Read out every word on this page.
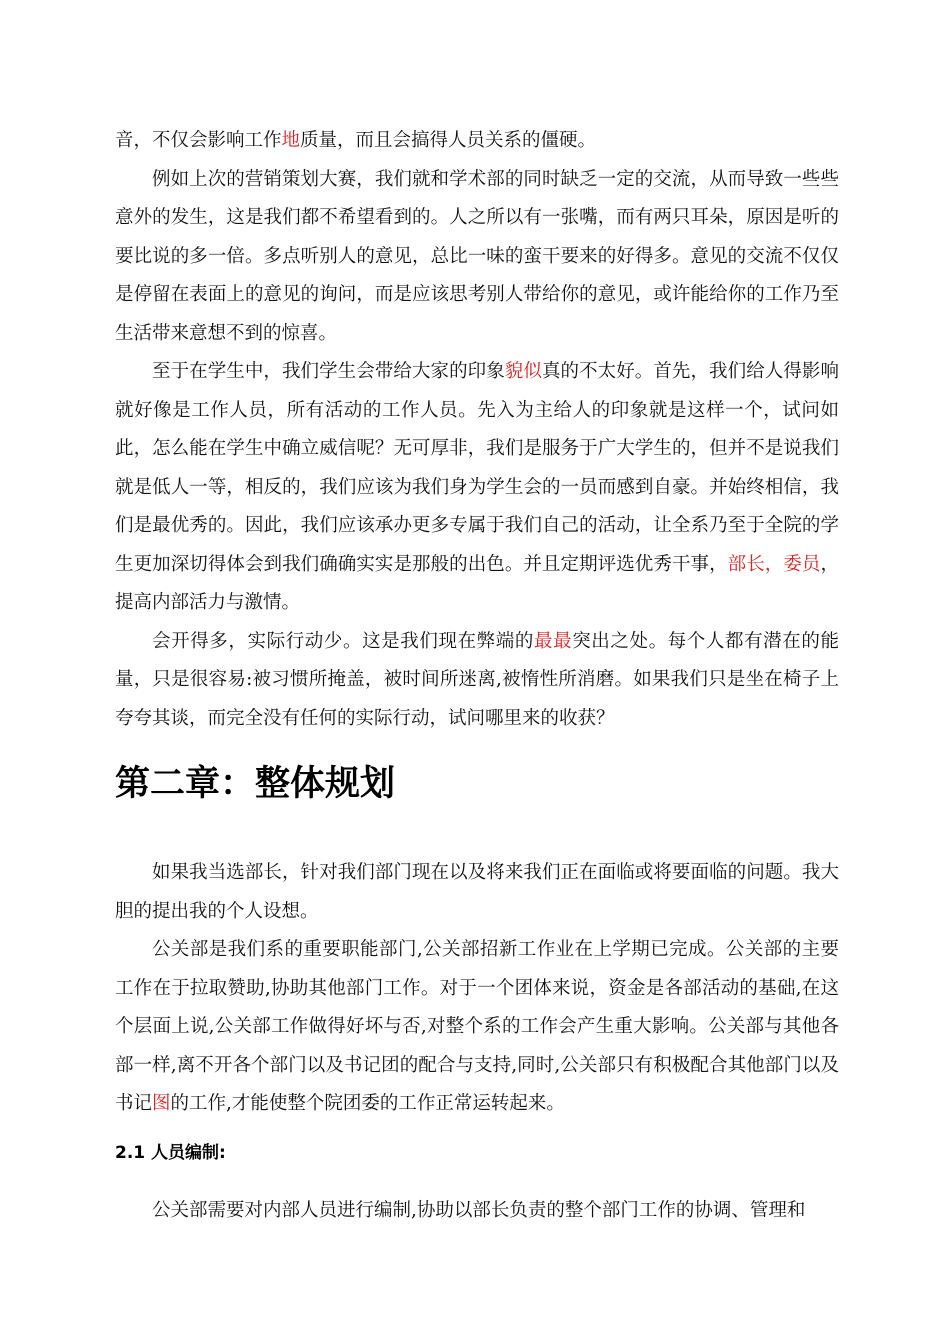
音，不仅会影响工作地质量，而且会搞得人员关系的僵硬。

例如上次的营销策划大赛，我们就和学术部的同时缺乏一定的交流，从而导致一些些意外的发生，这是我们都不希望看到的。人之所以有一张嘴，而有两只耳朵，原因是听的要比说的多一倍。多点听别人的意见，总比一味的蛮干要来的好得多。意见的交流不仅仅是停留在表面上的意见的询问，而是应该思考别人带给你的意见，或许能给你的工作乃至生活带来意想不到的惊喜。

至于在学生中，我们学生会带给大家的印象貌似真的不太好。首先，我们给人得影响就好像是工作人员，所有活动的工作人员。先入为主给人的印象就是这样一个，试问如此，怎么能在学生中确立威信呢？无可厚非，我们是服务于广大学生的，但并不是说我们就是低人一等，相反的，我们应该为我们身为学生会的一员而感到自豪。并始终相信，我们是最优秀的。因此，我们应该承办更多专属于我们自己的活动，让全系乃至于全院的学生更加深切得体会到我们确确实实是那般的出色。并且定期评选优秀干事，部长，委员，提高内部活力与激情。

会开得多，实际行动少。这是我们现在弊端的最最突出之处。每个人都有潜在的能量，只是很容易:被习惯所掩盖，被时间所迷离,被惰性所消磨。如果我们只是坐在椅子上夸夸其谈，而完全没有任何的实际行动，试问哪里来的收获？

第二章：整体规划

如果我当选部长，针对我们部门现在以及将来我们正在面临或将要面临的问题。我大胆的提出我的个人设想。

公关部是我们系的重要职能部门,公关部招新工作业在上学期已完成。公关部的主要工作在于拉取赞助,协助其他部门工作。对于一个团体来说，资金是各部活动的基础,在这个层面上说,公关部工作做得好坏与否,对整个系的工作会产生重大影响。公关部与其他各部一样,离不开各个部门以及书记团的配合与支持,同时,公关部只有积极配合其他部门以及书记图的工作,才能使整个院团委的工作正常运转起来。

2.1 人员编制:

公关部需要对内部人员进行编制,协助以部长负责的整个部门工作的协调、管理和
